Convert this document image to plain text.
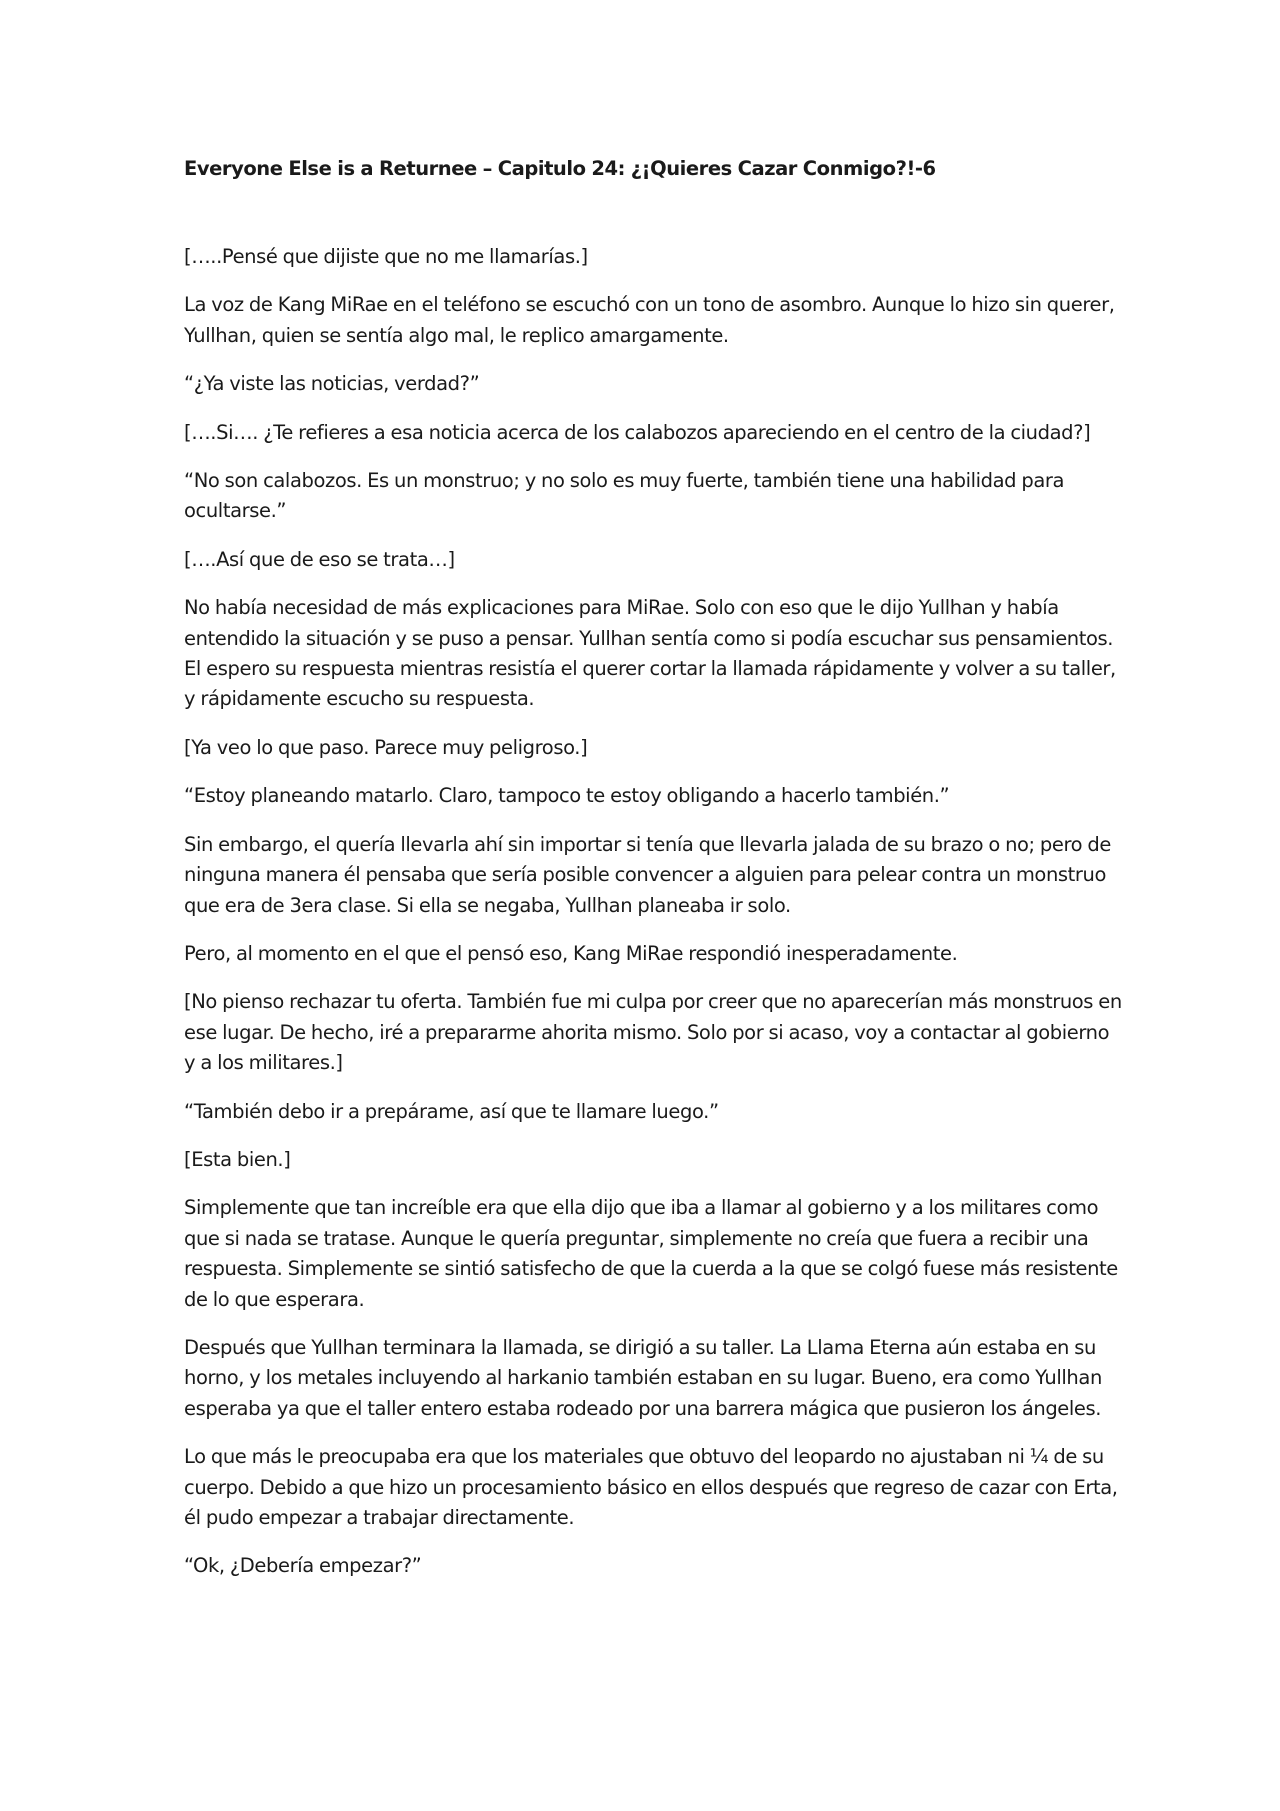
Everyone Else is a Returnee – Capitulo 24: ¿¡Quieres Cazar Conmigo?!-6

[…..Pensé que dijiste que no me llamarías.]

La voz de Kang MiRae en el teléfono se escuchó con un tono de asombro. Aunque lo hizo sin querer, Yullhan, quien se sentía algo mal, le replico amargamente.

“¿Ya viste las noticias, verdad?”

[….Si…. ¿Te refieres a esa noticia acerca de los calabozos apareciendo en el centro de la ciudad?]

“No son calabozos. Es un monstruo; y no solo es muy fuerte, también tiene una habilidad para ocultarse.”

[….Así que de eso se trata…]

No había necesidad de más explicaciones para MiRae. Solo con eso que le dijo Yullhan y había entendido la situación y se puso a pensar. Yullhan sentía como si podía escuchar sus pensamientos. El espero su respuesta mientras resistía el querer cortar la llamada rápidamente y volver a su taller, y rápidamente escucho su respuesta.

[Ya veo lo que paso. Parece muy peligroso.]

“Estoy planeando matarlo. Claro, tampoco te estoy obligando a hacerlo también.”

Sin embargo, el quería llevarla ahí sin importar si tenía que llevarla jalada de su brazo o no; pero de ninguna manera él pensaba que sería posible convencer a alguien para pelear contra un monstruo que era de 3era clase. Si ella se negaba, Yullhan planeaba ir solo.

Pero, al momento en el que el pensó eso, Kang MiRae respondió inesperadamente.

[No pienso rechazar tu oferta. También fue mi culpa por creer que no aparecerían más monstruos en ese lugar. De hecho, iré a prepararme ahorita mismo. Solo por si acaso, voy a contactar al gobierno y a los militares.]

“También debo ir a prepárame, así que te llamare luego.”

[Esta bien.]

Simplemente que tan increíble era que ella dijo que iba a llamar al gobierno y a los militares como que si nada se tratase. Aunque le quería preguntar, simplemente no creía que fuera a recibir una respuesta. Simplemente se sintió satisfecho de que la cuerda a la que se colgó fuese más resistente de lo que esperara.

Después que Yullhan terminara la llamada, se dirigió a su taller. La Llama Eterna aún estaba en su horno, y los metales incluyendo al harkanio también estaban en su lugar. Bueno, era como Yullhan esperaba ya que el taller entero estaba rodeado por una barrera mágica que pusieron los ángeles.

Lo que más le preocupaba era que los materiales que obtuvo del leopardo no ajustaban ni ¼ de su cuerpo. Debido a que hizo un procesamiento básico en ellos después que regreso de cazar con Erta, él pudo empezar a trabajar directamente.

“Ok, ¿Debería empezar?”
